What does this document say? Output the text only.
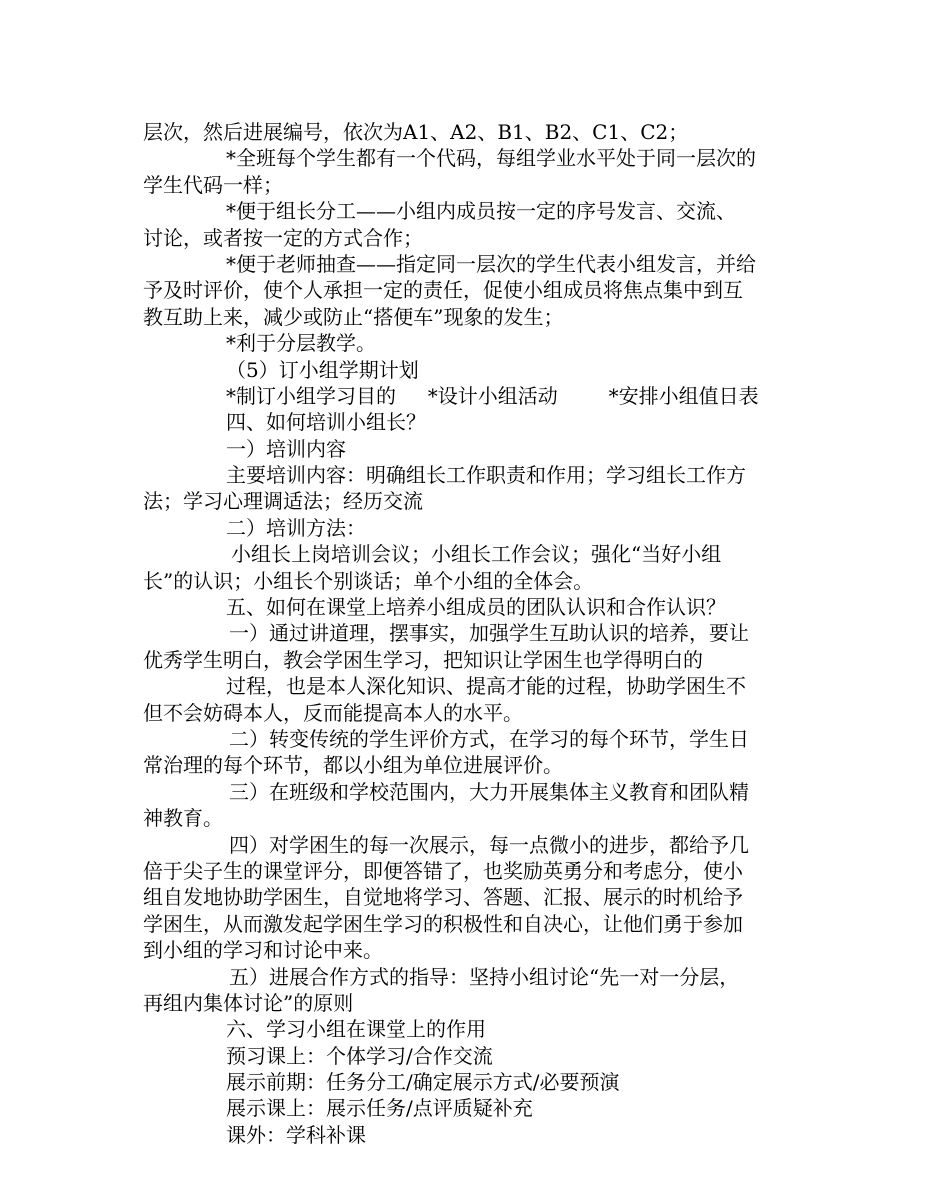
层次，然后进展编号，依次为A1、A2、B1、B2、C1、C2；
*全班每个学生都有一个代码，每组学业水平处于同一层次的
学生代码一样；
*便于组长分工——小组内成员按一定的序号发言、交流、
讨论，或者按一定的方式合作；
*便于老师抽查——指定同一层次的学生代表小组发言，并给
予及时评价，使个人承担一定的责任，促使小组成员将焦点集中到互
教互助上来，减少或防止“搭便车”现象的发生；
*利于分层教学。
（5）订小组学期计划
*制订小组学习目的     *设计小组活动        *安排小组值日表
四、如何培训小组长？
一）培训内容
主要培训内容：明确组长工作职责和作用；学习组长工作方
法；学习心理调适法；经历交流
二）培训方法：
小组长上岗培训会议；小组长工作会议；强化“当好小组
长”的认识；小组长个别谈话；单个小组的全体会。
五、如何在课堂上培养小组成员的团队认识和合作认识？
一）通过讲道理，摆事实，加强学生互助认识的培养，要让
优秀学生明白，教会学困生学习，把知识让学困生也学得明白的
过程，也是本人深化知识、提高才能的过程，协助学困生不
但不会妨碍本人，反而能提高本人的水平。
二）转变传统的学生评价方式，在学习的每个环节，学生日
常治理的每个环节，都以小组为单位进展评价。
三）在班级和学校范围内，大力开展集体主义教育和团队精
神教育。
四）对学困生的每一次展示，每一点微小的进步，都给予几
倍于尖子生的课堂评分，即便答错了，也奖励英勇分和考虑分，使小
组自发地协助学困生，自觉地将学习、答题、汇报、展示的时机给予
学困生，从而激发起学困生学习的积极性和自决心，让他们勇于参加
到小组的学习和讨论中来。
五）进展合作方式的指导：坚持小组讨论“先一对一分层，
再组内集体讨论”的原则
六、学习小组在课堂上的作用
预习课上：个体学习/合作交流
展示前期：任务分工/确定展示方式/必要预演
展示课上：展示任务/点评质疑补充
课外：学科补课
